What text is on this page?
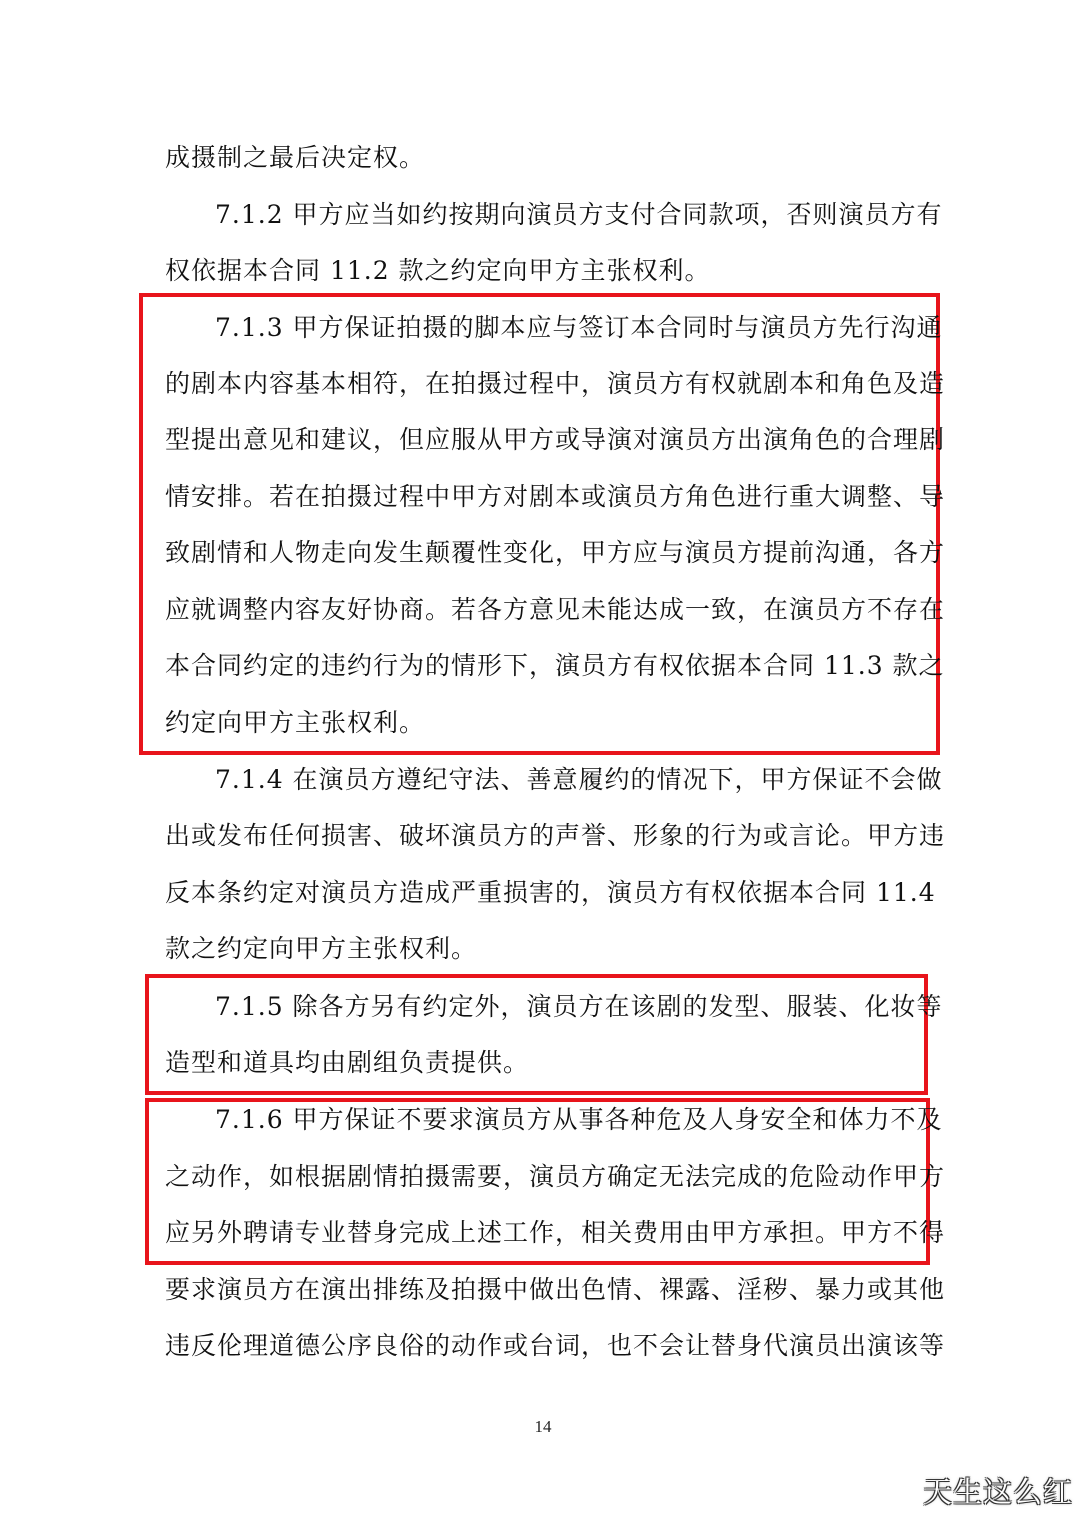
成摄制之最后决定权。
7.1.2 甲方应当如约按期向演员方支付合同款项，否则演员方有
权依据本合同 11.2 款之约定向甲方主张权利。
7.1.3 甲方保证拍摄的脚本应与签订本合同时与演员方先行沟通
的剧本内容基本相符，在拍摄过程中，演员方有权就剧本和角色及造
型提出意见和建议，但应服从甲方或导演对演员方出演角色的合理剧
情安排。若在拍摄过程中甲方对剧本或演员方角色进行重大调整、导
致剧情和人物走向发生颠覆性变化，甲方应与演员方提前沟通，各方
应就调整内容友好协商。若各方意见未能达成一致，在演员方不存在
本合同约定的违约行为的情形下，演员方有权依据本合同 11.3 款之
约定向甲方主张权利。
7.1.4 在演员方遵纪守法、善意履约的情况下，甲方保证不会做
出或发布任何损害、破坏演员方的声誉、形象的行为或言论。甲方违
反本条约定对演员方造成严重损害的，演员方有权依据本合同 11.4
款之约定向甲方主张权利。
7.1.5 除各方另有约定外，演员方在该剧的发型、服装、化妆等
造型和道具均由剧组负责提供。
7.1.6 甲方保证不要求演员方从事各种危及人身安全和体力不及
之动作，如根据剧情拍摄需要，演员方确定无法完成的危险动作甲方
应另外聘请专业替身完成上述工作，相关费用由甲方承担。甲方不得
要求演员方在演出排练及拍摄中做出色情、裸露、淫秽、暴力或其他
违反伦理道德公序良俗的动作或台词，也不会让替身代演员出演该等
14
天生这么红
